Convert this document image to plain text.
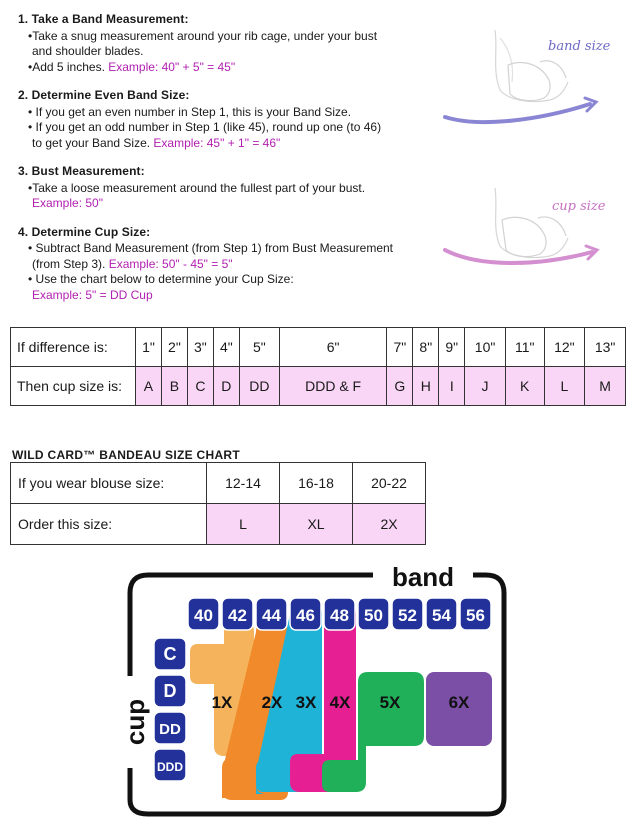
1. Take a Band Measurement:
•Take a snug measurement around your rib cage, under your bust
and shoulder blades.
•Add 5 inches. Example: 40" + 5" = 45"
2. Determine Even Band Size:
• If you get an even number in Step 1, this is your Band Size.
• If you get an odd number in Step 1 (like 45), round up one (to 46)
to get your Band Size. Example: 45" + 1" = 46"
3. Bust Measurement:
•Take a loose measurement around the fullest part of your bust.
Example: 50"
4. Determine Cup Size:
• Subtract Band Measurement (from Step 1) from Bust Measurement
(from Step 3). Example: 50" - 45" = 5"
• Use the chart below to determine your Cup Size:
Example: 5" = DD Cup
band size
cup size
If difference is:	1"	2"	3"	4"	5"	6"	7"	8"	9"	10"	11"	12"	13"
Then cup size is:	A	B	C	D	DD	DDD & F	G	H	I	J	K	L	M
WILD CARD™ BANDEAU SIZE CHART
If you wear blouse size:	12-14	16-18	20-22
Order this size:	L	XL	2X
band
cup	1X 2X 3X 4X 5X	6X
40 42 44 46 48 50 52 54 56
C
D
DD
DDD
